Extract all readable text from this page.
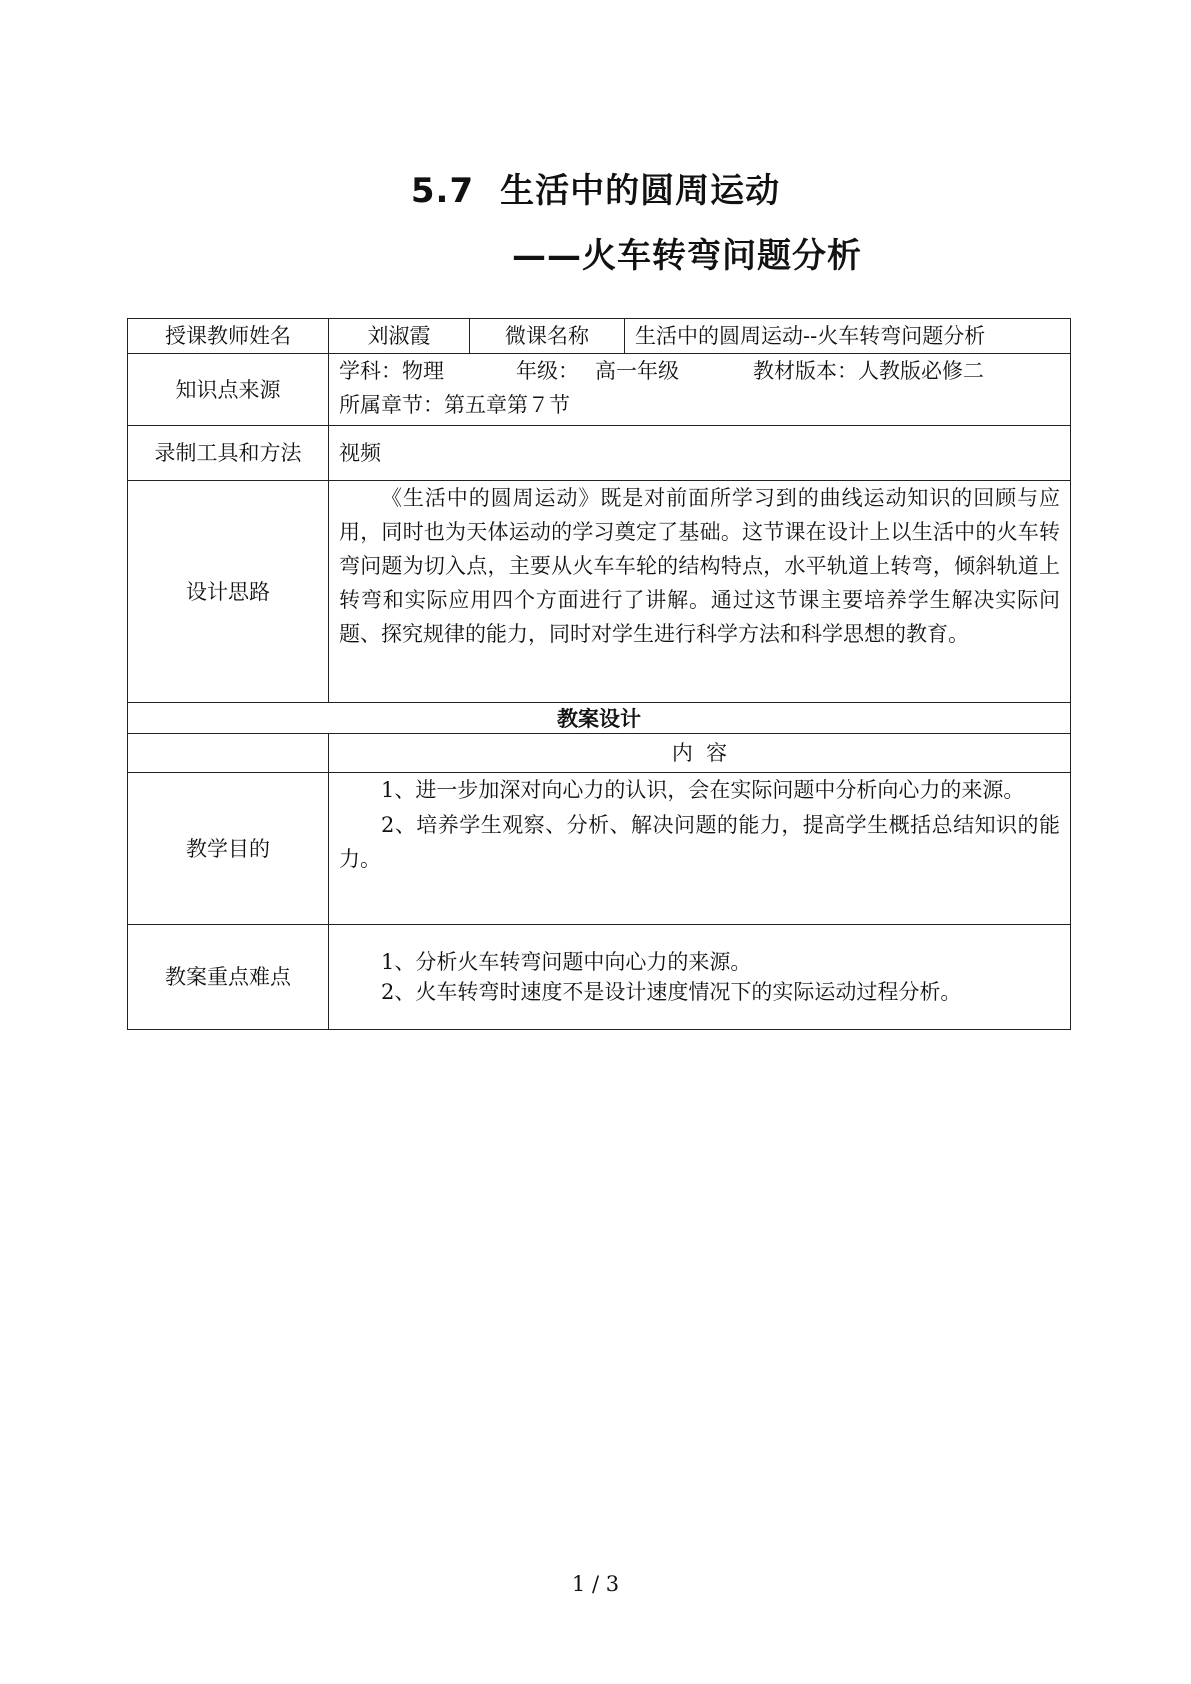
5.7 生活中的圆周运动
——火车转弯问题分析
授课教师姓名	刘淑霞	微课名称	生活中的圆周运动--火车转弯问题分析
知识点来源	学科：物理 年级： 高一年级 教材版本：人教版必修二
所属章节：第五章第７节		

录制工具和方法	视频		
设计思路	《生活中的圆周运动》既是对前面所学习到的曲线运动知识的回顾与应用，同时也为天体运动的学习奠定了基础。这节课在设计上以生活中的火车转弯问题为切入点，主要从火车车轮的结构特点，水平轨道上转弯，倾斜轨道上转弯和实际应用四个方面进行了讲解。通过这节课主要培养学生解决实际问题、探究规律的能力，同时对学生进行科学方法和科学思想的教育。		
教案设计			
	内  容		
教学目的	1、进一步加深对向心力的认识，会在实际问题中分析向心力的来源。
2、培养学生观察、分析、解决问题的能力，提高学生概括总结知识的能力。		

教案重点难点	1、分析火车转弯问题中向心力的来源。
2、火车转弯时速度不是设计速度情况下的实际运动过程分析。		
1 / 3
